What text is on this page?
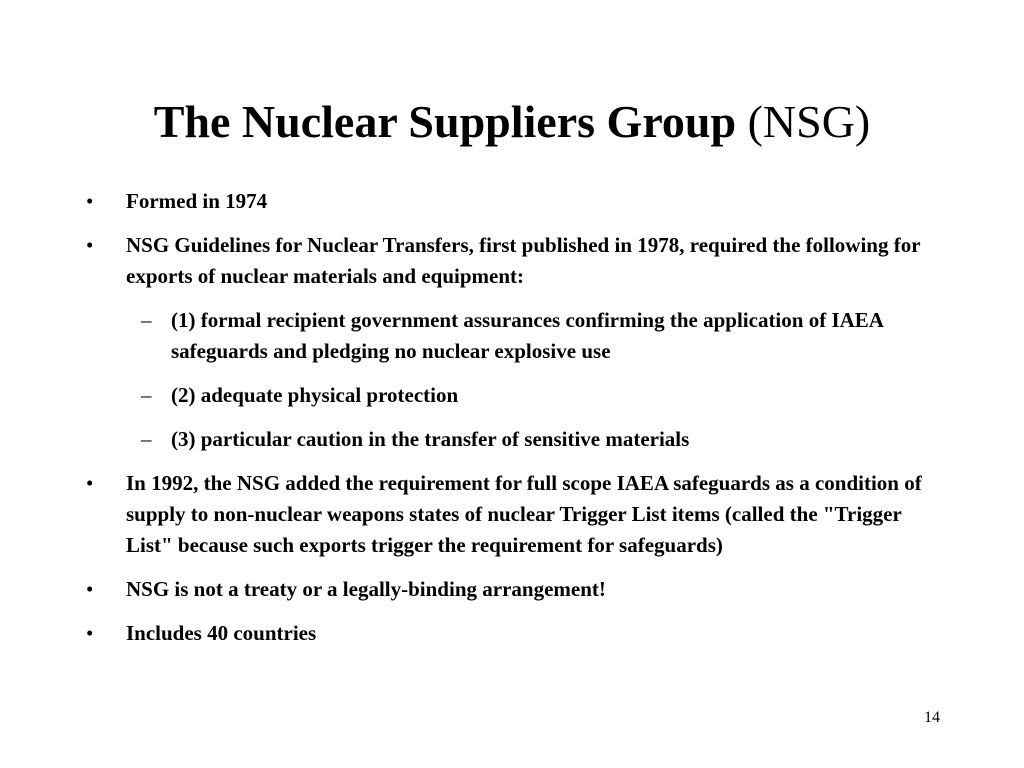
The Nuclear Suppliers Group (NSG)
•	Formed in 1974
•	NSG Guidelines for Nuclear Transfers, first published in 1978, required the following for exports of nuclear materials and equipment:
– (1) formal recipient government assurances confirming the application of IAEA safeguards and pledging no nuclear explosive use
– (2) adequate physical protection
– (3) particular caution in the transfer of sensitive materials
•	In 1992, the NSG added the requirement for full scope IAEA safeguards as a condition of supply to non-nuclear weapons states of nuclear Trigger List items (called the "Trigger List" because such exports trigger the requirement for safeguards)
•	NSG is not a treaty or a legally-binding arrangement!
•	Includes 40 countries
14
